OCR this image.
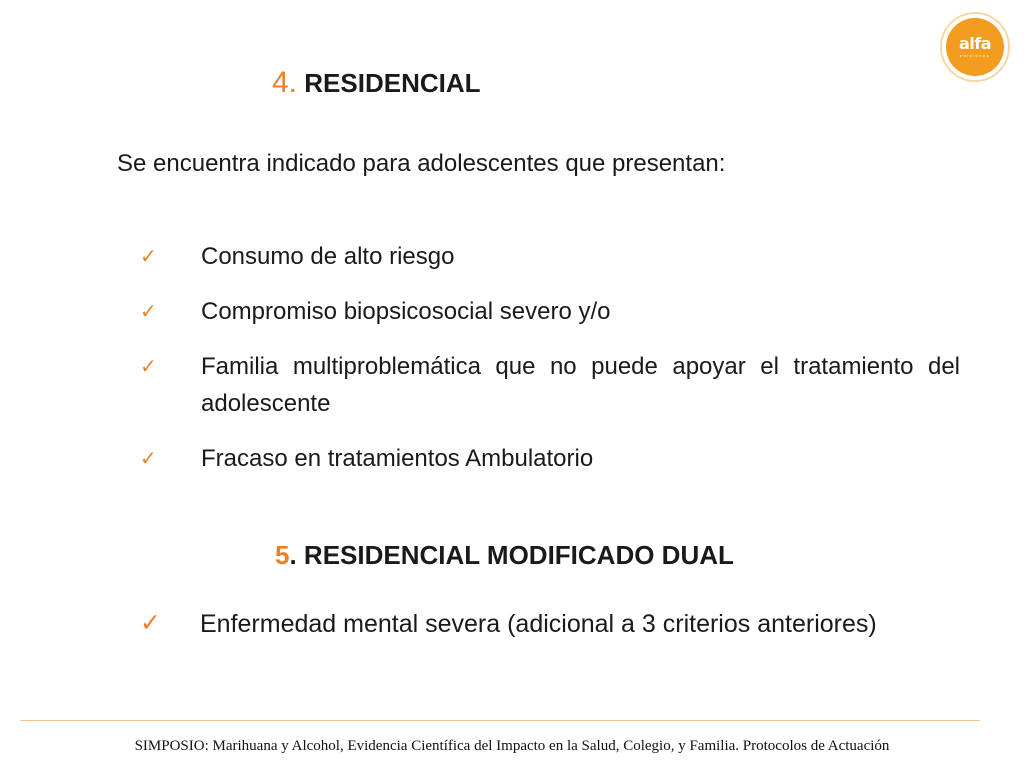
alfa
ediciones
4. RESIDENCIAL
Se encuentra indicado para adolescentes que presentan:
✓ Consumo de alto riesgo
✓ Compromiso biopsicosocial severo y/o
✓ Familia multiproblemática que no puede apoyar el tratamiento del adolescente
✓ Fracaso en tratamientos Ambulatorio
5. RESIDENCIAL MODIFICADO DUAL
✓ Enfermedad mental severa (adicional a 3 criterios anteriores)
SIMPOSIO: Marihuana y Alcohol, Evidencia Científica del Impacto en la Salud, Colegio, y Familia. Protocolos de Actuación
